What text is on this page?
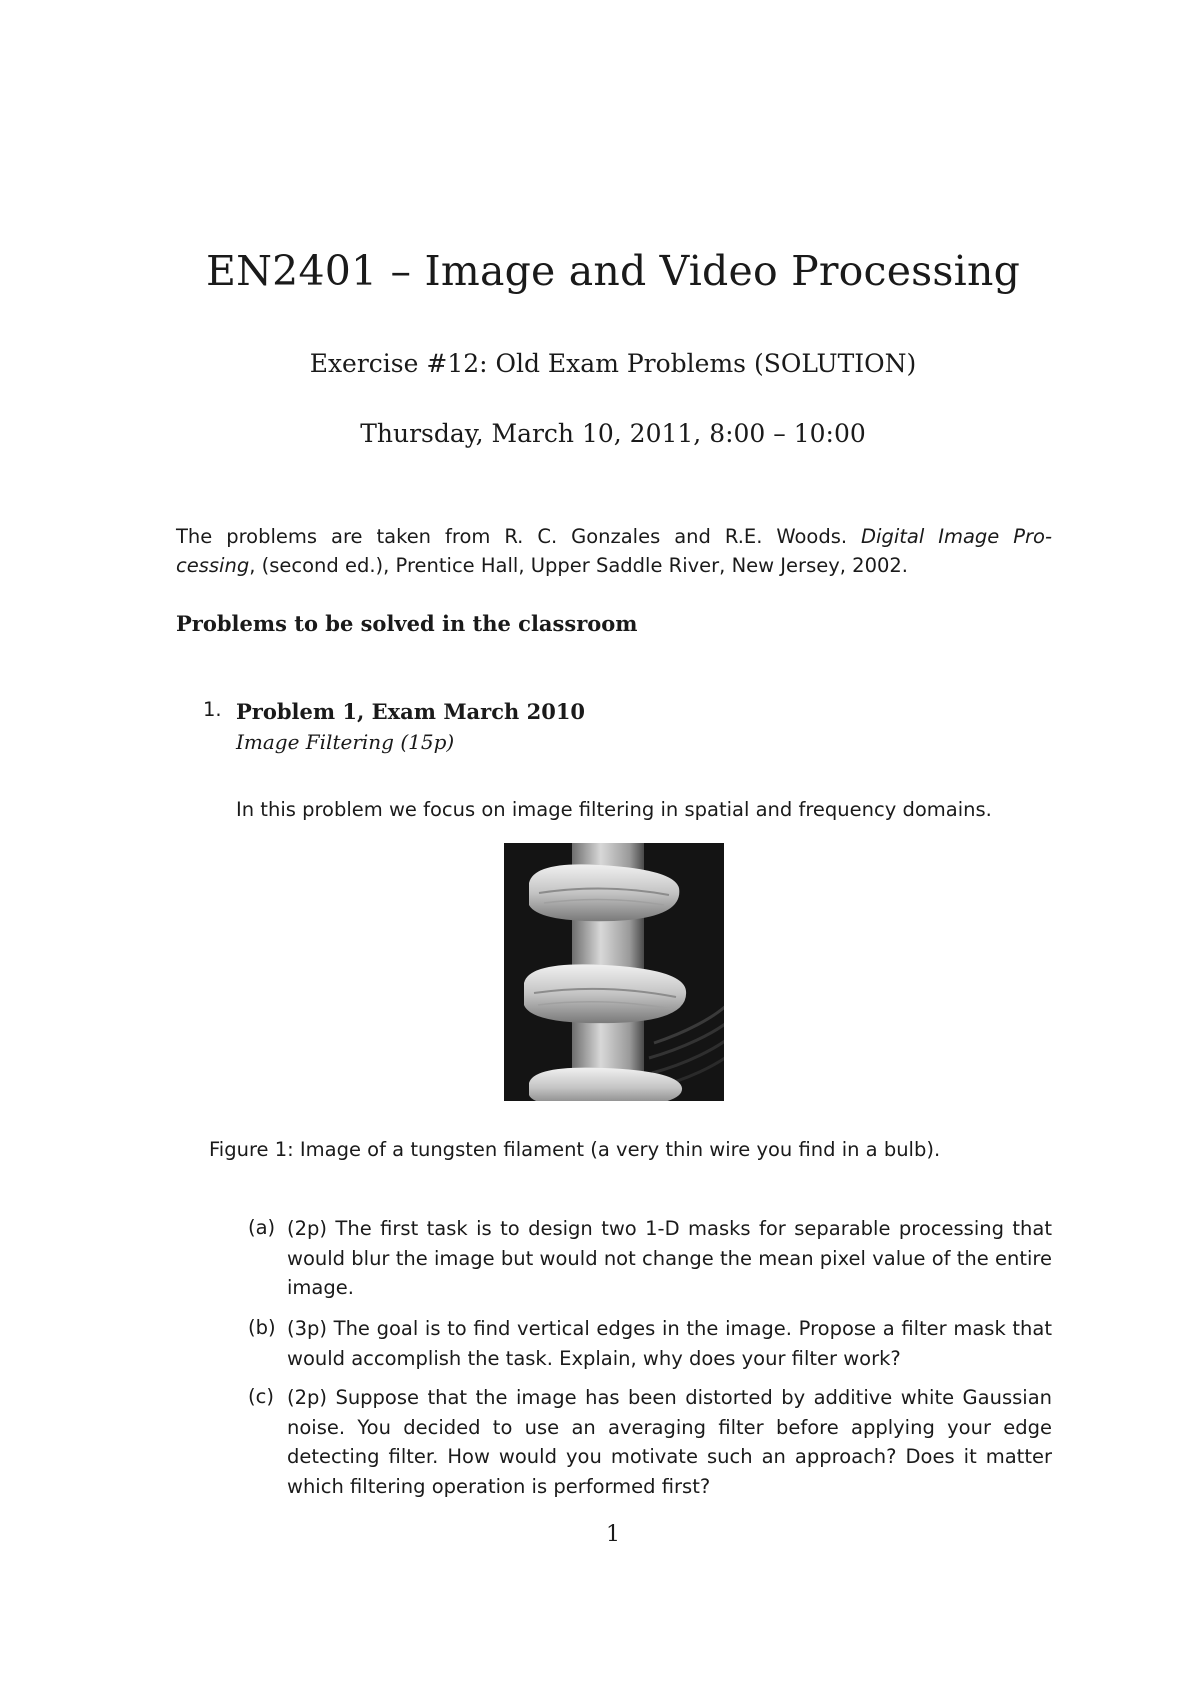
EN2401 – Image and Video Processing
Exercise #12: Old Exam Problems (SOLUTION)
Thursday, March 10, 2011, 8:00 – 10:00
The problems are taken from R. C. Gonzales and R.E. Woods. Digital Image Pro-
cessing, (second ed.), Prentice Hall, Upper Saddle River, New Jersey, 2002.
Problems to be solved in the classroom
1. Problem 1, Exam March 2010
Image Filtering (15p)
In this problem we focus on image filtering in spatial and frequency domains.
Figure 1: Image of a tungsten filament (a very thin wire you find in a bulb).
(a) (2p) The first task is to design two 1-D masks for separable processing that would blur the image but would not change the mean pixel value of the entire image.
(b) (3p) The goal is to find vertical edges in the image. Propose a filter mask that would accomplish the task. Explain, why does your filter work?
(c) (2p) Suppose that the image has been distorted by additive white Gaussian noise. You decided to use an averaging filter before applying your edge detecting filter. How would you motivate such an approach? Does it matter which filtering operation is performed first?
1
